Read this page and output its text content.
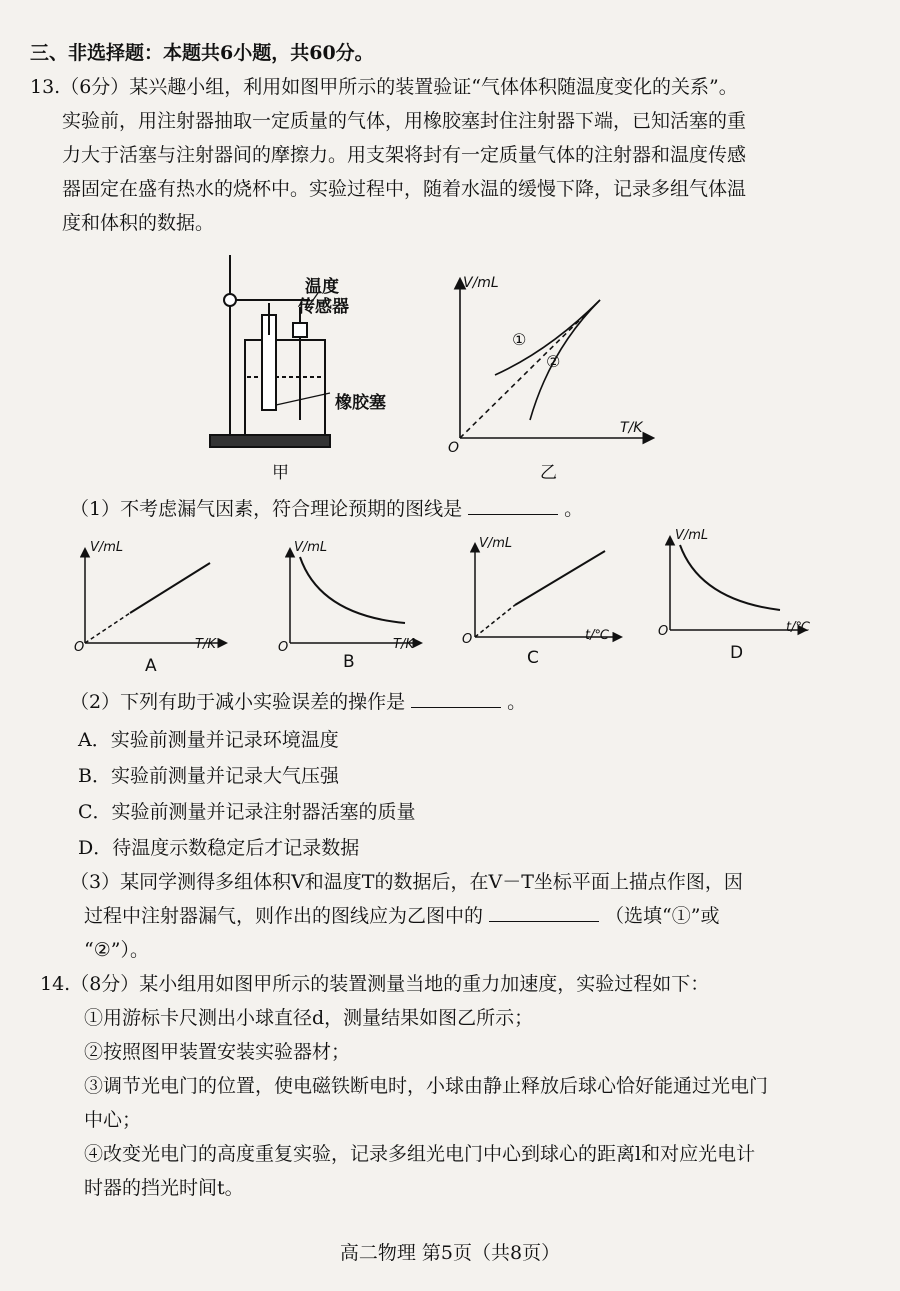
三、非选择题：本题共6小题，共60分。
13.（6分）某兴趣小组，利用如图甲所示的装置验证“气体体积随温度变化的关系”。
实验前，用注射器抽取一定质量的气体，用橡胶塞封住注射器下端，已知活塞的重
力大于活塞与注射器间的摩擦力。用支架将封有一定质量气体的注射器和温度传感
器固定在盛有热水的烧杯中。实验过程中，随着水温的缓慢下降，记录多组气体温
度和体积的数据。
温度
传感器
橡胶塞
甲
V/mL
T/K
O
①
②
乙
（1）不考虑漏气因素，符合理论预期的图线是	。
V/mL
T/K
O
A
V/mL
T/K
O
B
V/mL
t/℃
O
C
V/mL
t/℃
O
D
（2）下列有助于减小实验误差的操作是	。
A．实验前测量并记录环境温度
B．实验前测量并记录大气压强
C．实验前测量并记录注射器活塞的质量
D．待温度示数稳定后才记录数据
（3）某同学测得多组体积V和温度T的数据后，在V－T坐标平面上描点作图，因
过程中注射器漏气，则作出的图线应为乙图中的	（选填“①”或
“②”）。
14.（8分）某小组用如图甲所示的装置测量当地的重力加速度，实验过程如下：
①用游标卡尺测出小球直径d，测量结果如图乙所示；
②按照图甲装置安装实验器材；
③调节光电门的位置，使电磁铁断电时，小球由静止释放后球心恰好能通过光电门
中心；
④改变光电门的高度重复实验，记录多组光电门中心到球心的距离l和对应光电计
时器的挡光时间t。
高二物理 第5页（共8页）
